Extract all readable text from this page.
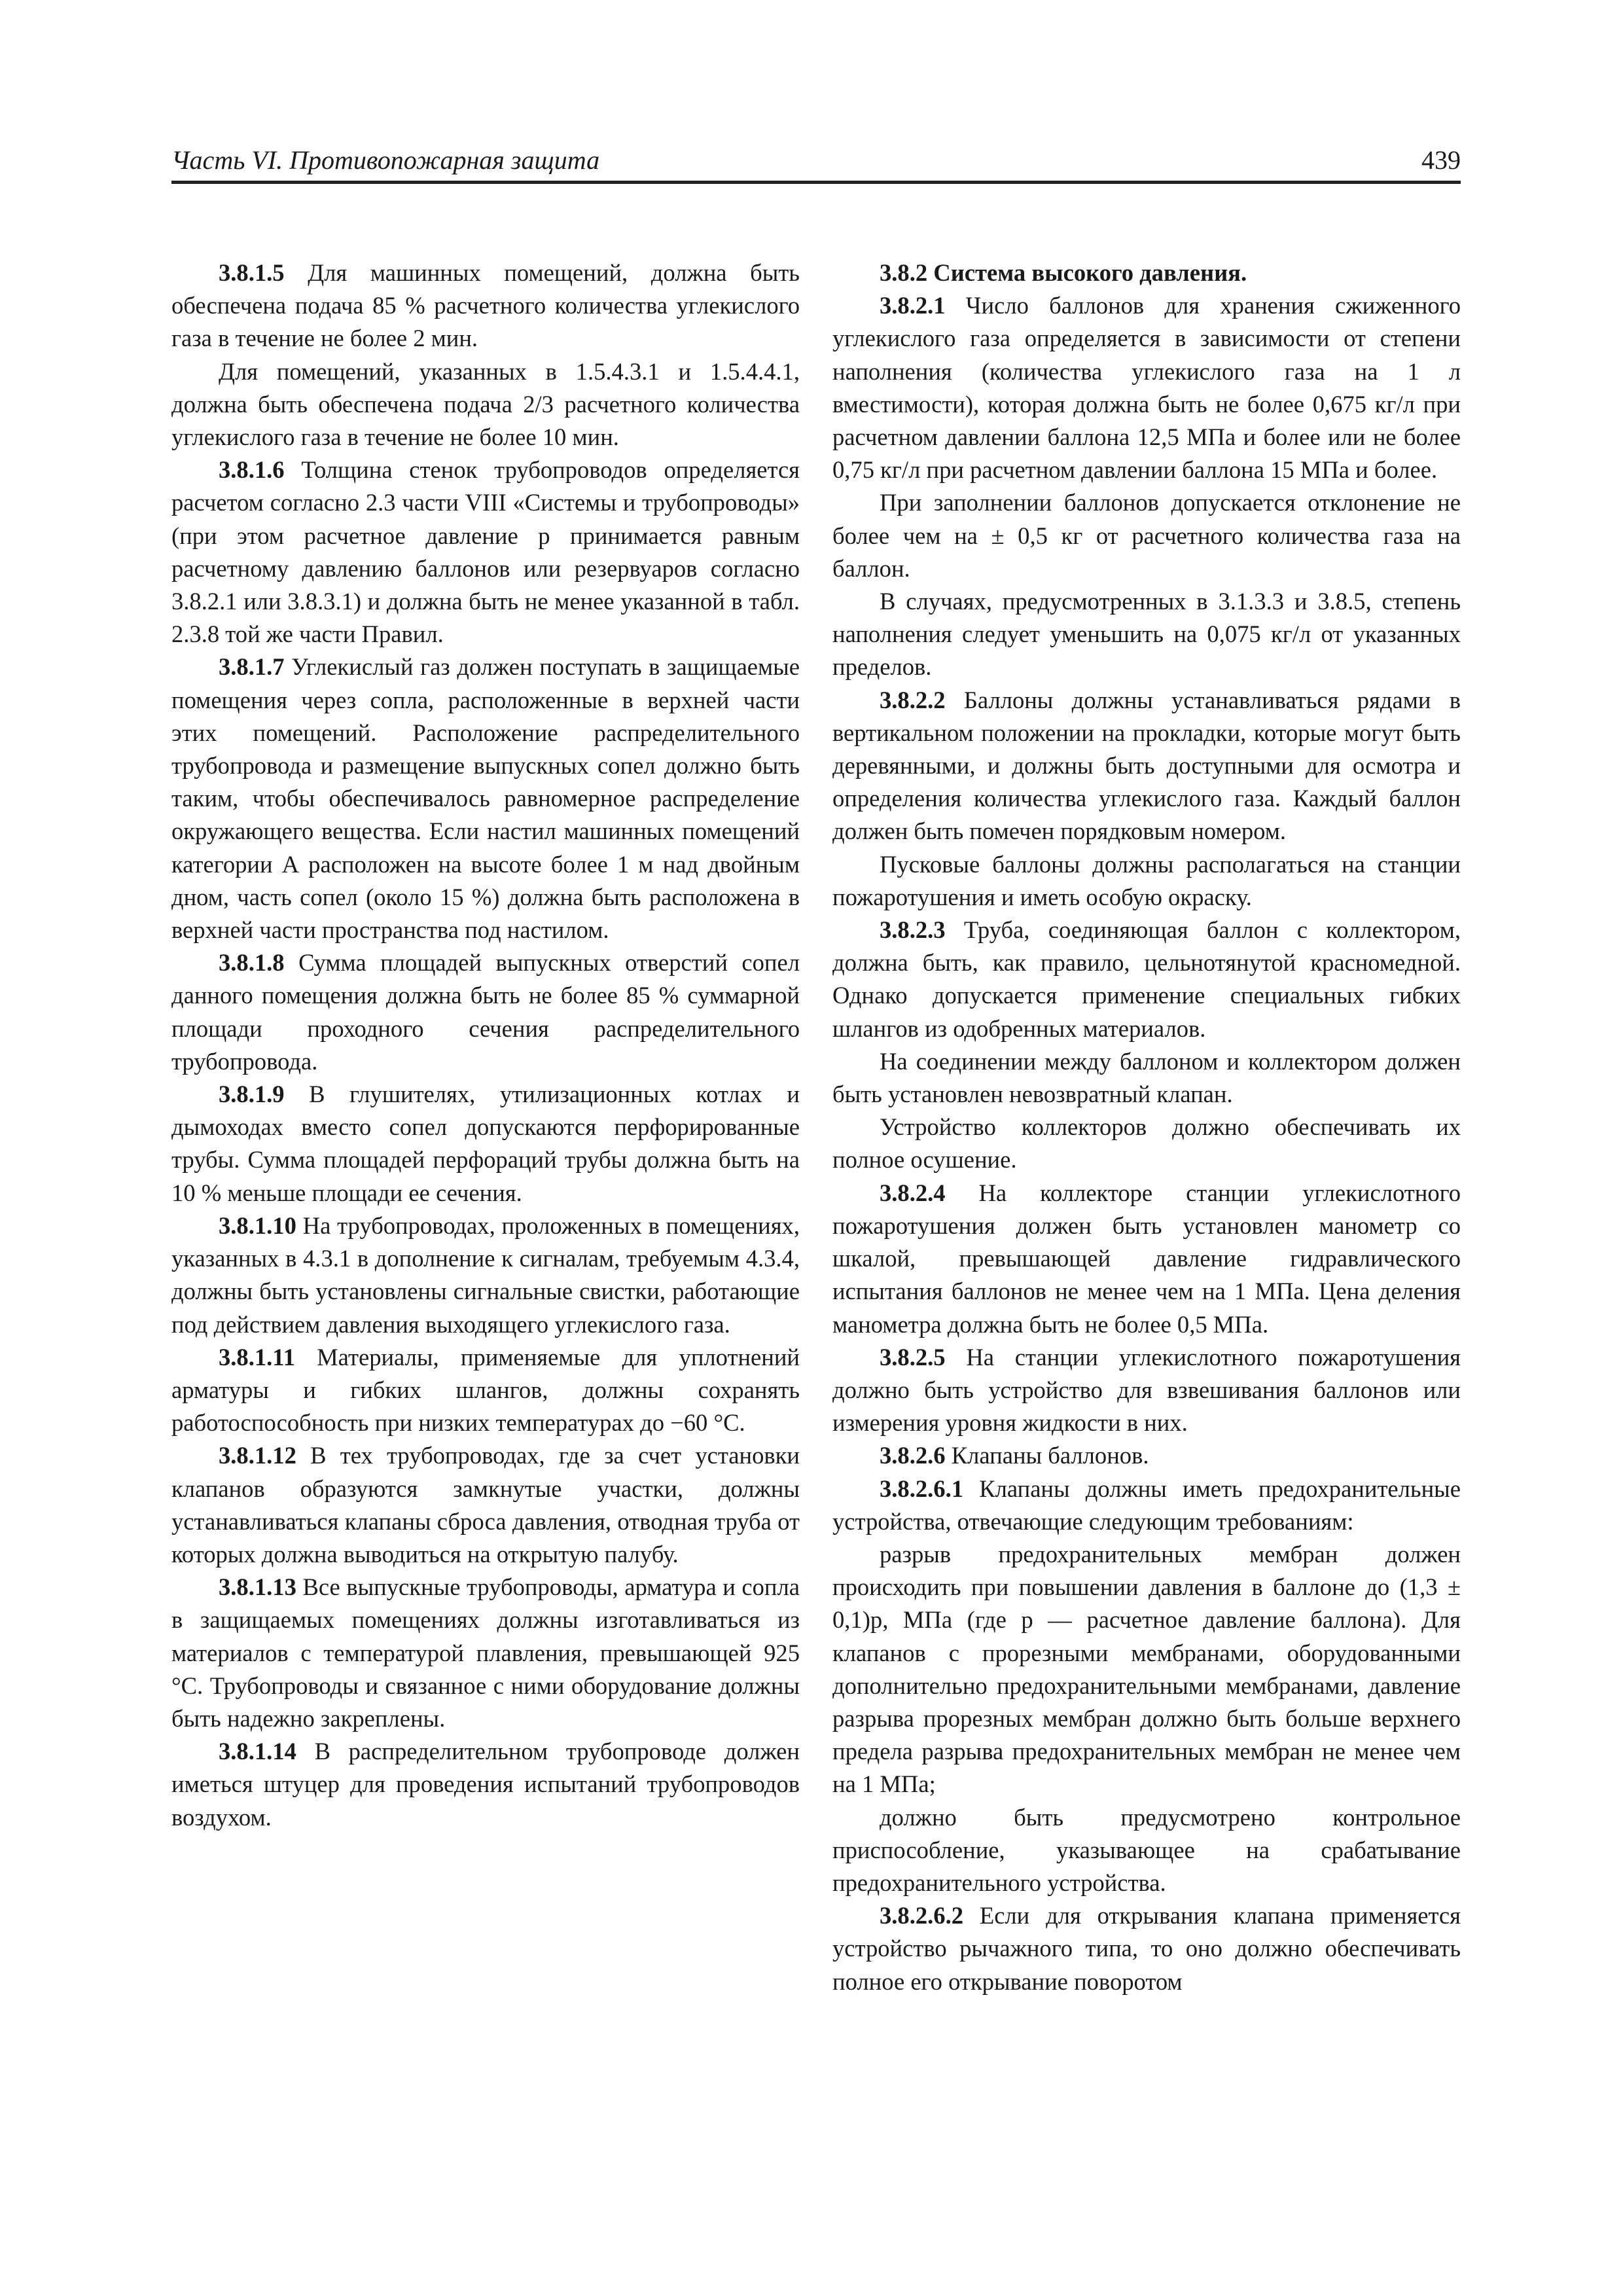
Часть VI. Противопожарная защита	439

3.8.1.5 Для машинных помещений, должна быть обеспечена подача 85 % расчетного количества углекислого газа в течение не более 2 мин.

Для помещений, указанных в 1.5.4.3.1 и 1.5.4.4.1, должна быть обеспечена подача 2/3 расчетного количества углекислого газа в течение не более 10 мин.

3.8.1.6 Толщина стенок трубопроводов определяется расчетом согласно 2.3 части VIII «Системы и трубопроводы» (при этом расчетное давление p принимается равным расчетному давлению баллонов или резервуаров согласно 3.8.2.1 или 3.8.3.1) и должна быть не менее указанной в табл. 2.3.8 той же части Правил.

3.8.1.7 Углекислый газ должен поступать в защищаемые помещения через сопла, расположенные в верхней части этих помещений. Расположение распределительного трубопровода и размещение выпускных сопел должно быть таким, чтобы обеспечивалось равномерное распределение окружающего вещества. Если настил машинных помещений категории А расположен на высоте более 1 м над двойным дном, часть сопел (около 15 %) должна быть расположена в верхней части пространства под настилом.

3.8.1.8 Сумма площадей выпускных отверстий сопел данного помещения должна быть не более 85 % суммарной площади проходного сечения распределительного трубопровода.

3.8.1.9 В глушителях, утилизационных котлах и дымоходах вместо сопел допускаются перфорированные трубы. Сумма площадей перфораций трубы должна быть на 10 % меньше площади ее сечения.

3.8.1.10 На трубопроводах, проложенных в помещениях, указанных в 4.3.1 в дополнение к сигналам, требуемым 4.3.4, должны быть установлены сигнальные свистки, работающие под действием давления выходящего углекислого газа.

3.8.1.11 Материалы, применяемые для уплотнений арматуры и гибких шлангов, должны сохранять работоспособность при низких температурах до −60 °C.

3.8.1.12 В тех трубопроводах, где за счет установки клапанов образуются замкнутые участки, должны устанавливаться клапаны сброса давления, отводная труба от которых должна выводиться на открытую палубу.

3.8.1.13 Все выпускные трубопроводы, арматура и сопла в защищаемых помещениях должны изготавливаться из материалов с температурой плавления, превышающей 925 °C. Трубопроводы и связанное с ними оборудование должны быть надежно закреплены.

3.8.1.14 В распределительном трубопроводе должен иметься штуцер для проведения испытаний трубопроводов воздухом.

3.8.2 Система высокого давления.

3.8.2.1 Число баллонов для хранения сжиженного углекислого газа определяется в зависимости от степени наполнения (количества углекислого газа на 1 л вместимости), которая должна быть не более 0,675 кг/л при расчетном давлении баллона 12,5 МПа и более или не более 0,75 кг/л при расчетном давлении баллона 15 МПа и более.

При заполнении баллонов допускается отклонение не более чем на ± 0,5 кг от расчетного количества газа на баллон.

В случаях, предусмотренных в 3.1.3.3 и 3.8.5, степень наполнения следует уменьшить на 0,075 кг/л от указанных пределов.

3.8.2.2 Баллоны должны устанавливаться рядами в вертикальном положении на прокладки, которые могут быть деревянными, и должны быть доступными для осмотра и определения количества углекислого газа. Каждый баллон должен быть помечен порядковым номером.

Пусковые баллоны должны располагаться на станции пожаротушения и иметь особую окраску.

3.8.2.3 Труба, соединяющая баллон с коллектором, должна быть, как правило, цельнотянутой красномедной. Однако допускается применение специальных гибких шлангов из одобренных материалов.

На соединении между баллоном и коллектором должен быть установлен невозвратный клапан.

Устройство коллекторов должно обеспечивать их полное осушение.

3.8.2.4 На коллекторе станции углекислотного пожаротушения должен быть установлен манометр со шкалой, превышающей давление гидравлического испытания баллонов не менее чем на 1 МПа. Цена деления манометра должна быть не более 0,5 МПа.

3.8.2.5 На станции углекислотного пожаротушения должно быть устройство для взвешивания баллонов или измерения уровня жидкости в них.

3.8.2.6 Клапаны баллонов.

3.8.2.6.1 Клапаны должны иметь предохранительные устройства, отвечающие следующим требованиям:

разрыв предохранительных мембран должен происходить при повышении давления в баллоне до (1,3 ± 0,1)p, МПа (где p — расчетное давление баллона). Для клапанов с прорезными мембранами, оборудованными дополнительно предохранительными мембранами, давление разрыва прорезных мембран должно быть больше верхнего предела разрыва предохранительных мембран не менее чем на 1 МПа;

должно быть предусмотрено контрольное приспособление, указывающее на срабатывание предохранительного устройства.

3.8.2.6.2 Если для открывания клапана применяется устройство рычажного типа, то оно должно обеспечивать полное его открывание поворотом
